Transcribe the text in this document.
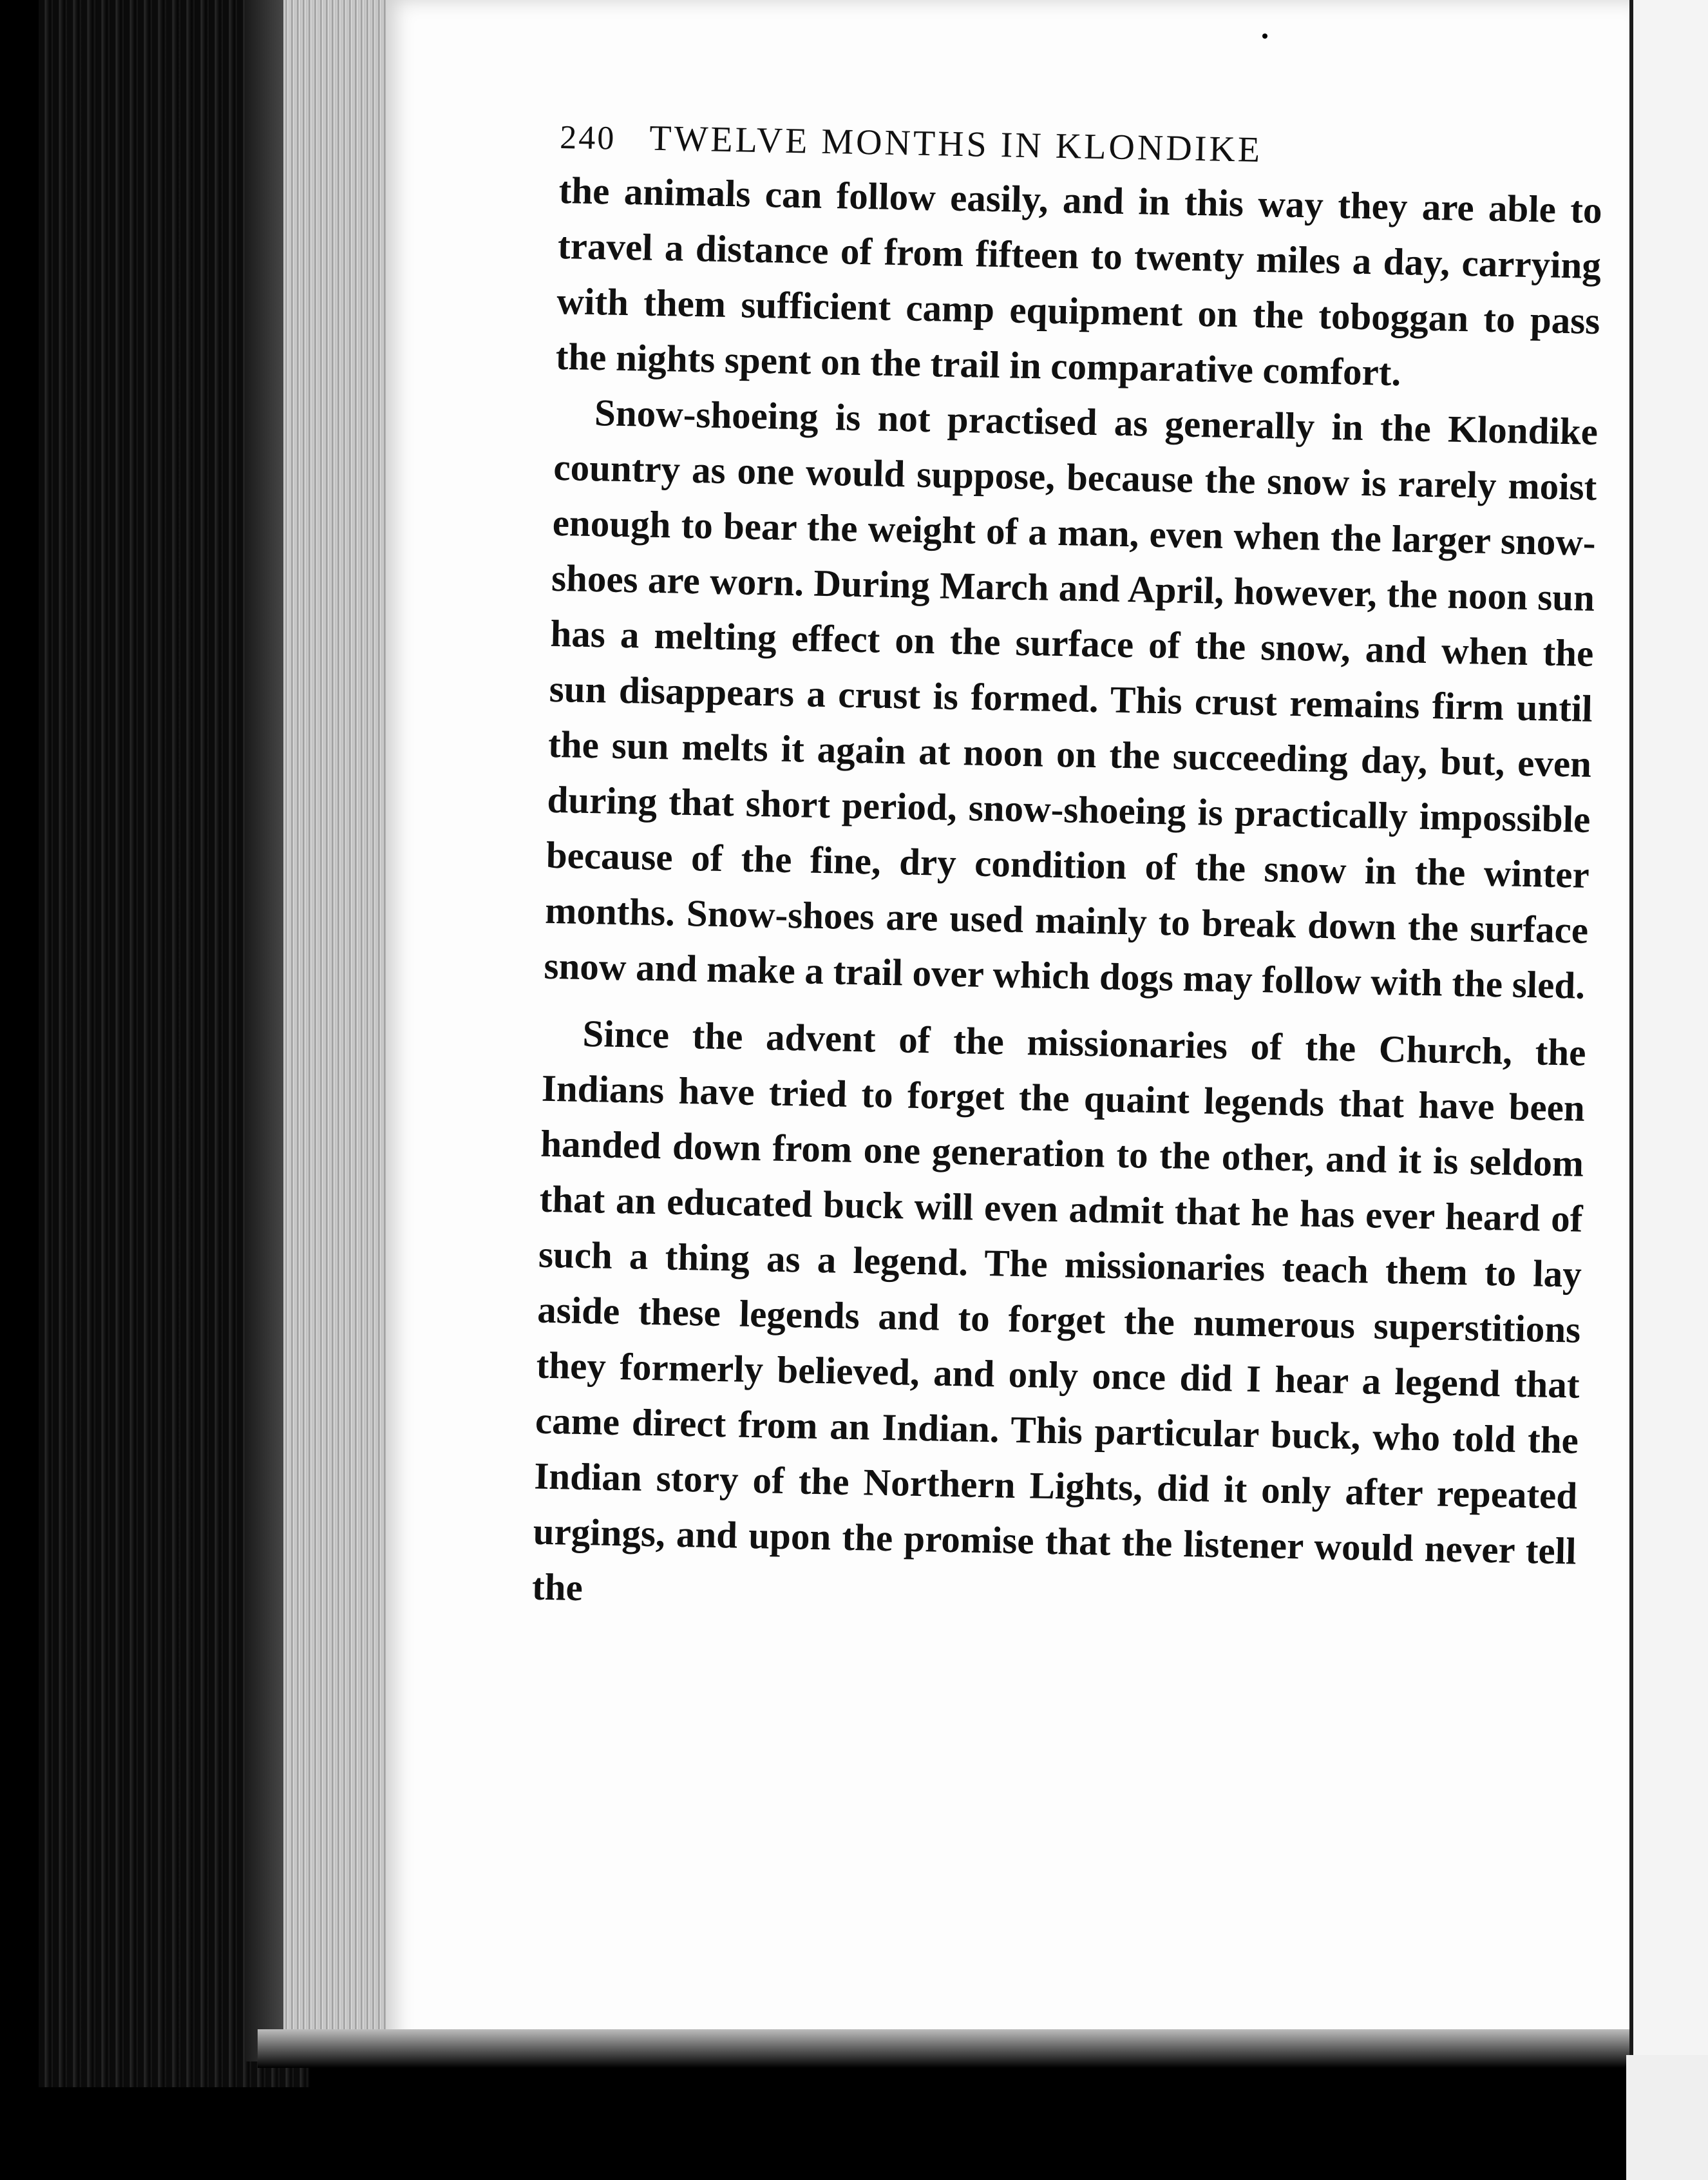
240 TWELVE MONTHS IN KLONDIKE

the animals can follow easily, and in this way they are able to travel a distance of from fifteen to twenty miles a day, carrying with them sufficient camp equipment on the toboggan to pass the nights spent on the trail in comparative comfort.

Snow-shoeing is not practised as generally in the Klondike country as one would suppose, because the snow is rarely moist enough to bear the weight of a man, even when the larger snow-shoes are worn. During March and April, however, the noon sun has a melting effect on the surface of the snow, and when the sun disappears a crust is formed. This crust remains firm until the sun melts it again at noon on the succeeding day, but, even during that short period, snow-shoeing is practically impossible because of the fine, dry condition of the snow in the winter months. Snow-shoes are used mainly to break down the surface snow and make a trail over which dogs may follow with the sled.

Since the advent of the missionaries of the Church, the Indians have tried to forget the quaint legends that have been handed down from one generation to the other, and it is seldom that an educated buck will even admit that he has ever heard of such a thing as a legend. The missionaries teach them to lay aside these legends and to forget the numerous superstitions they formerly believed, and only once did I hear a legend that came direct from an Indian. This particular buck, who told the Indian story of the Northern Lights, did it only after repeated urgings, and upon the promise that the listener would never tell the
